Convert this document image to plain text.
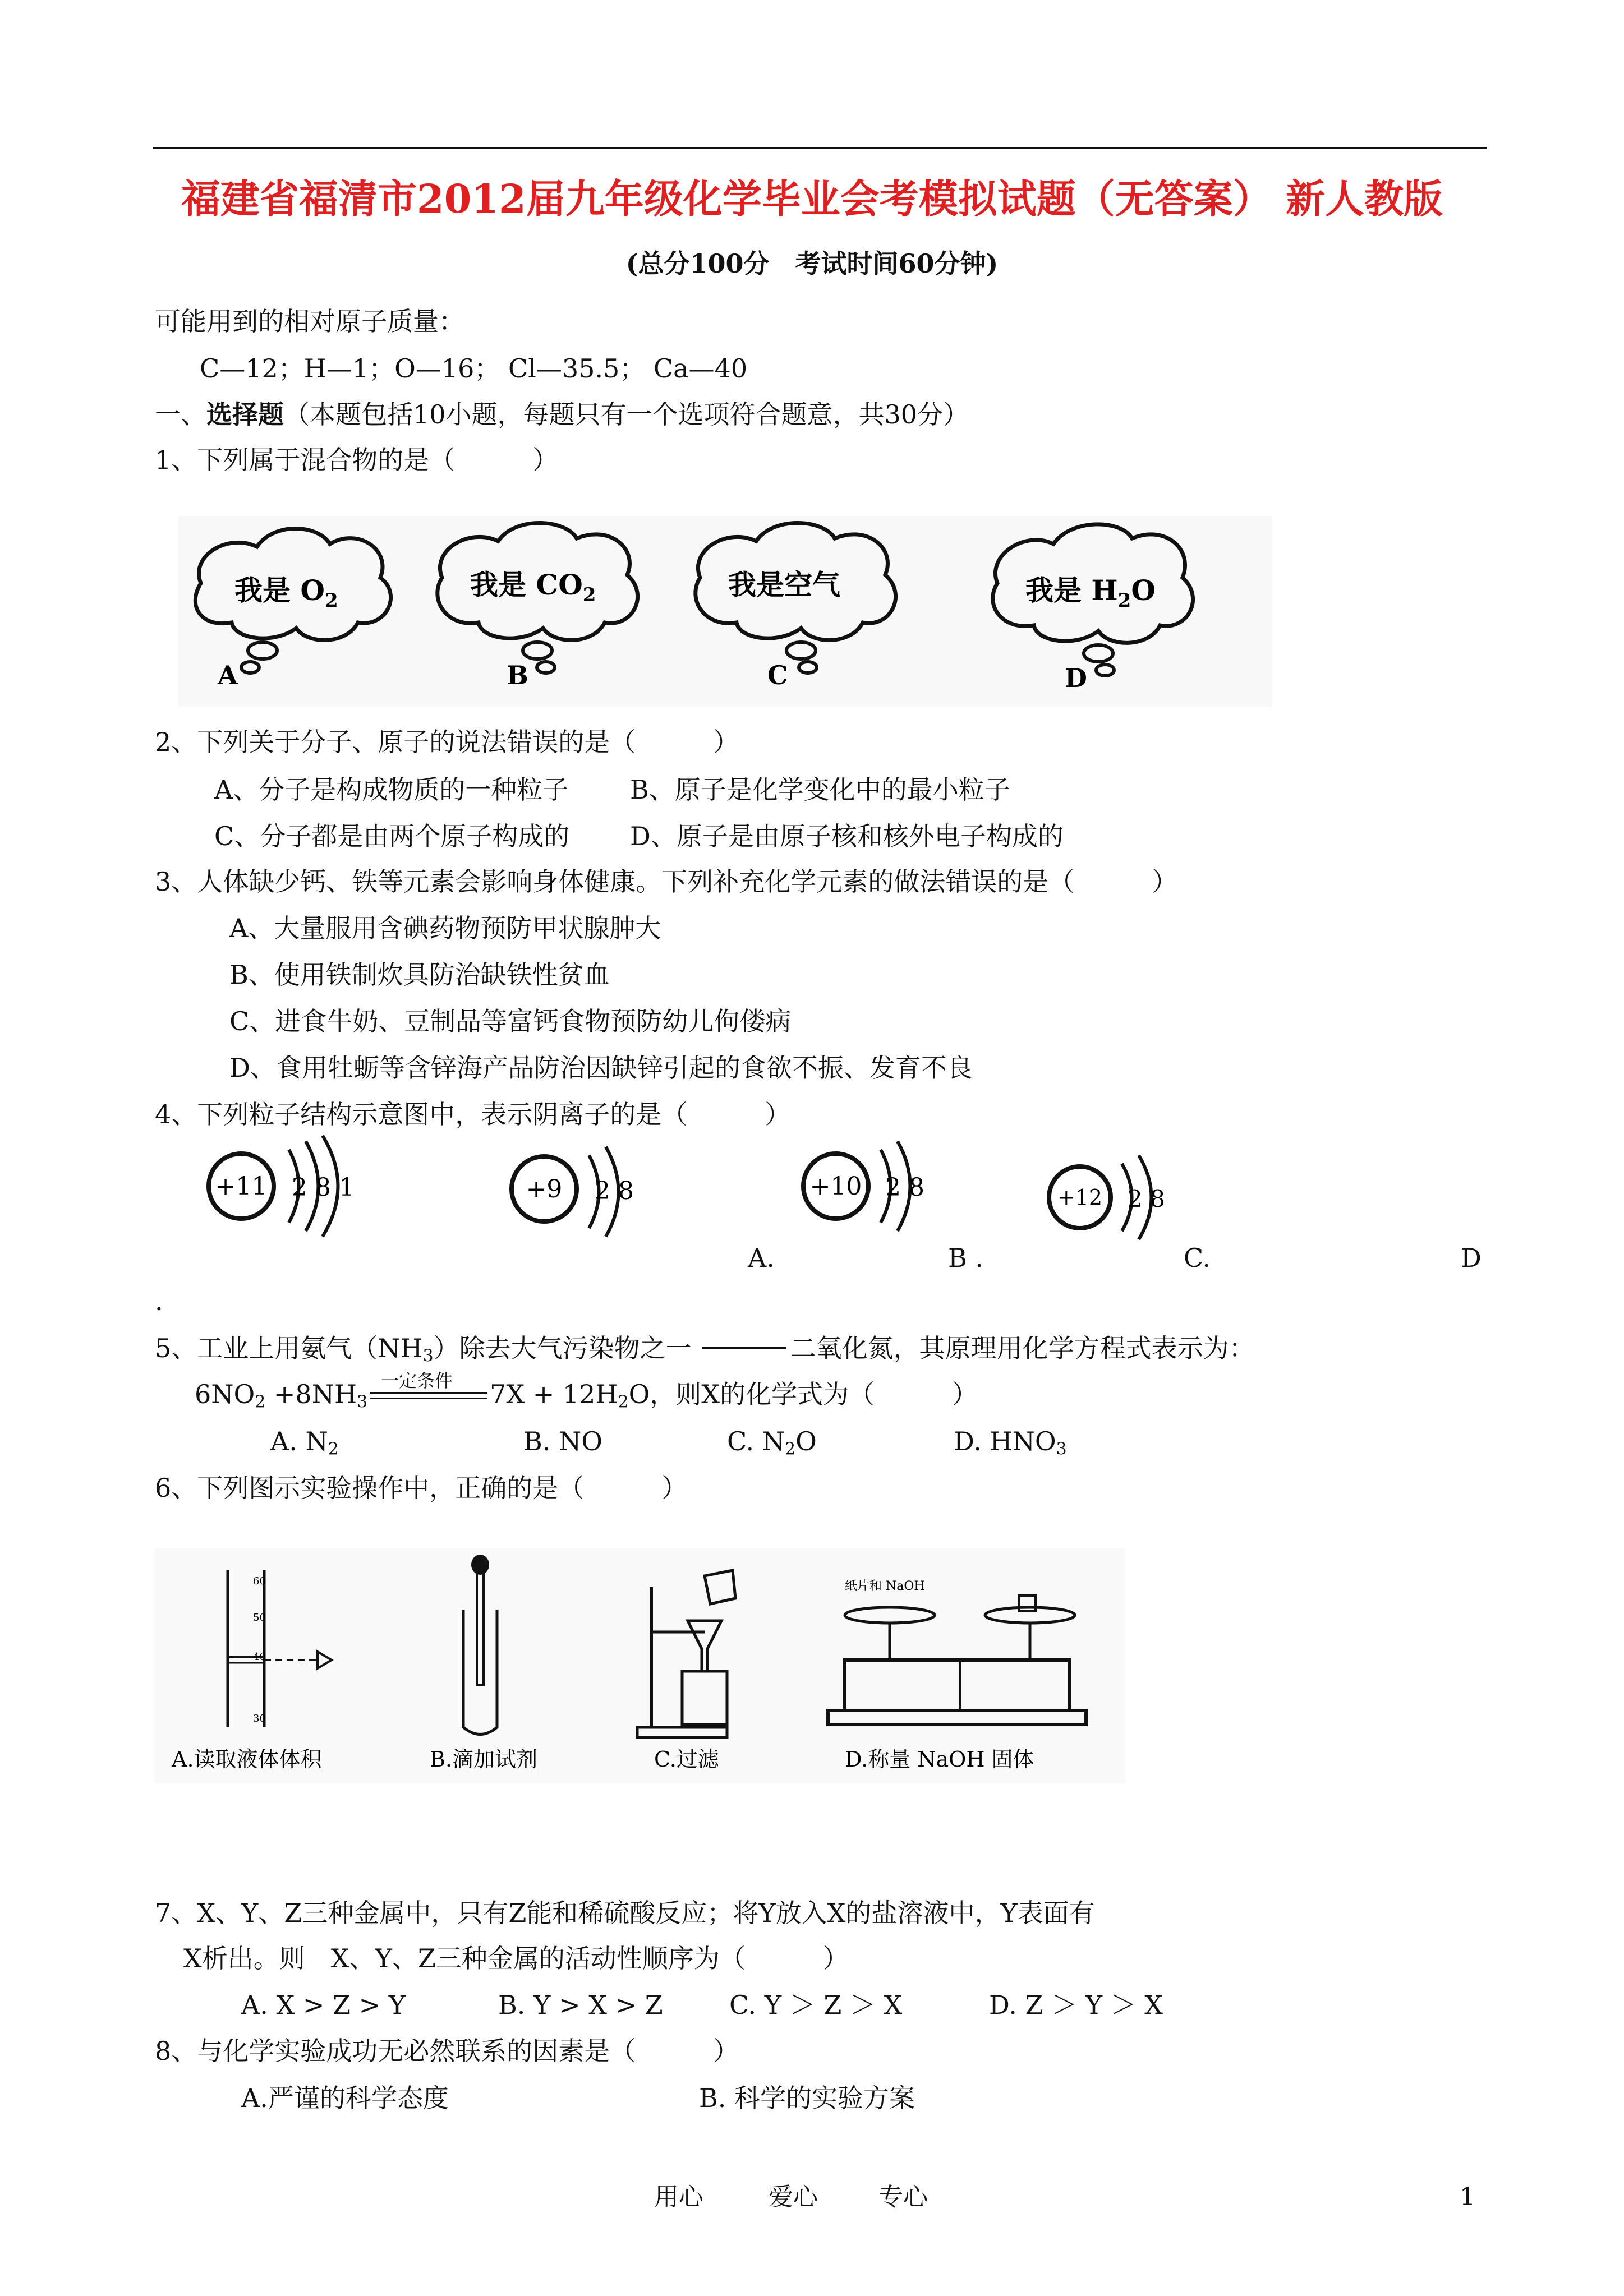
福建省福清市2012届九年级化学毕业会考模拟试题（无答案） 新人教版
(总分100分　考试时间60分钟)
可能用到的相对原子质量：
C—12；H—1；O—16； Cl—35.5； Ca—40
一、选择题（本题包括10小题，每题只有一个选项符合题意，共30分）
1、下列属于混合物的是（　　　）
我是 $O_2$
A
我是 $CO_2$
B
我是空气
C
我是 $H_2O$
D
2、下列关于分子、原子的说法错误的是（　　　）
A、分子是构成物质的一种粒子 B、原子是化学变化中的最小粒子
C、分子都是由两个原子构成的 D、原子是由原子核和核外电子构成的
3、人体缺少钙、铁等元素会影响身体健康。下列补充化学元素的做法错误的是（　　　）
A、大量服用含碘药物预防甲状腺肿大
B、使用铁制炊具防治缺铁性贫血
C、进食牛奶、豆制品等富钙食物预防幼儿佝偻病
D、食用牡蛎等含锌海产品防治因缺锌引起的食欲不振、发育不良
4、下列粒子结构示意图中，表示阴离子的是（　　　）
+11 2 8 1	+9 2 8	+10 2 8	+12 2 8
A.	B .	C.	D
.
5、工业上用氨气$(NH_3)$除去大气污染物之一	二氧化氮，其原理用化学方程式表示为：
$6NO_2 +8NH_3$
一定条件 $7X + 12H_2O$，则X的化学式为（　　　）
A. $N_2$	B. NO	C. $N_2O$	D. $HNO_3$
6、下列图示实验操作中，正确的是（　　　）
60
50
40
30
A.读取液体体积	B.滴加试剂	C.过滤
纸片和 NaOH
D.称量 NaOH 固体
7、X、Y、Z三种金属中，只有Z能和稀硫酸反应；将Y放入X的盐溶液中，Y表面有
X析出。则　X、Y、Z三种金属的活动性顺序为（　　　）
A. X > Z > Y	B. Y > X > Z	C. Y ＞ Z ＞ X	D. Z ＞ Y ＞ X
8、与化学实验成功无必然联系的因素是（　　　）
A.严谨的科学态度	B. 科学的实验方案
用心	爱心 专心	1
